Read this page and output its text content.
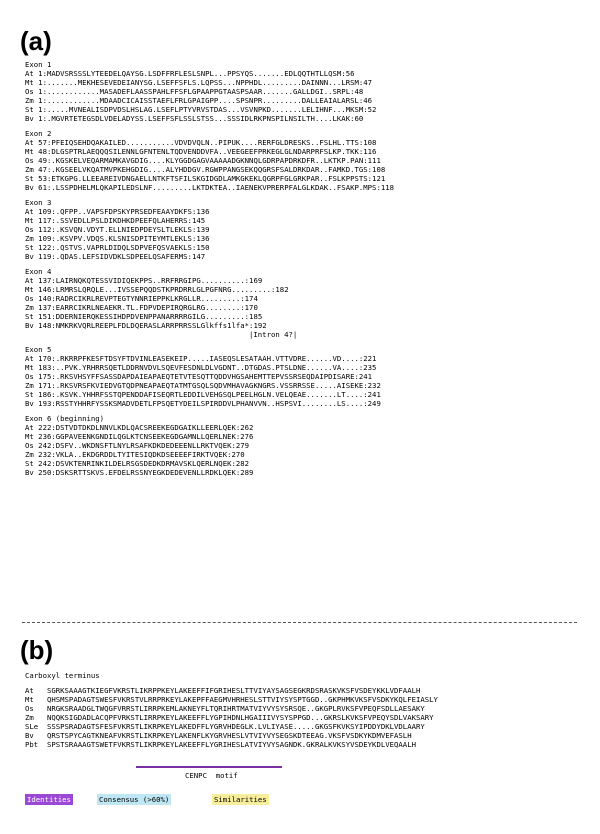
(a)
Exon 1
At 1:MADVSRSSSLYTEEDELQAYSG.LSDFFRFLESLSNPL...PPSYQS.......EDLQQTHTLLQSM:56
Mt 1:.......MEKHESEVEDEIANYSG.LSEFFSFLS.LQPSS...NPPHDL.........DAINNN...LRSM:47
Os 1:............MASADEFLAASSPAHLFFSFLGPAAPPGTAASPSAAR.......GALLDGI..SRPL:48
Zm 1:............MDAADCICAISSTAEFLFRLGPAIGPP....SPSNPR.........DALLEAIALARSL:46
St 1:.....MVNEALISDPVDSLHSLAG.LSEFLPTYVRVSTDAS...VSVNPKD.......LELIHNF...MKSM:52
Bv 1:.MGVRTETEGSDLVDELADYSS.LSEFFSFLSSLSTSS...SSSIDLRKPNSPILNSILTH....LKAK:60
Exon 2
At 57:PFEIQSEHDQAKAILED...........VDVDVQLN..PIPUK....RERFGLDRESKS..FSLHL.TTS:108
Mt 48:DLGSPTRLAEQQQSILENNLGFNTENLTQDVENDDVFA..VEEGEEFPRKEGLGLNDARPRFSLKP.TKK:116
Os 49:.KGSKELVEQARMAMKAVGDIG....KLYGGDGAGVAAAAADGKNNQLGDRPAPDRKDFR..LKTKP.PAN:111
Zm 47:.KGSEELVKQATMVPKEHGDIG....ALYHDDGV.RGWPPANGSEKQQGRSFSALDRKDAR..FAMKD.TGS:108
St 53:ETKGPG.LLEEAREIVDNGAELLNTKFTSFILSKGIDGDLAMKGKEKLQGRPFGLGRKPAR..FSLKPPSTS:121
Bv 61:.LSSPDHELMLQKAPILEDSLNF.........LKTDKTEA..IAENEKVPRERPFALGLKDAK..FSAKP.MPS:118
Exon 3
At 109:.QFPP..VAPSFDPSKYPRSEDFEAAYDKFS:136
Mt 117:.SSVEDLLPSLDIKDHKDPEEFQLAHERRS:145
Os 112:.KSVQN.VDYT.ELLNIEDPDEYSLTLEKLS:139
Zm 109:.KSVPV.VDQS.KLSNISDPITEYMTLEKLS:136
St 122:.QSTVS.VAPRLDIDQLSDPVEFQSVAEKLS:150
Bv 119:.QDAS.LEFSIDVDKLSDPEELQSAFERMS:147
Exon 4
At 137:LAIRNQKQTESSVIDIQEKPPS..RRFRRGIPG..........:169
Mt 146:LRMRSLQRQLE...IVSSEPQQDSTKPRDRRLGLPGFNRG.........:182
Os 140:RADRCIKRLREVPTEGTYNNRIEPPKLKRGLLR.........:174
Zm 137:EARRCIKRLNEAEKR.TL.FDPVDEPIRQRGLRG........:170
St 151:DDERNIERQKESSIHDPDVENPPANARRRRGILG.........:185
Bv 148:NMKRKVQRLREEPLFDLDQERASLARRPRRSSLGlkffs1lfa*:192
|Intron 4?|
Exon 5
At 170:.RKRRPFKESFTDSYFTDVINLEASEKEIP.....IASEQSLESATAAH.VTTVDRE......VD....:221
Mt 183:..PVK.YRHRRSQETLDDRNVDVLSQEVFESDNLDLVGDNT..DTGDAS.PTSLDNE......VA....:235
Os 175:.RKSVHSYFFSASSDAPDAIEAPAEQTETVTESQTTQDDVHGSAHEMTTEPVSSRSEQDAIPDISARE:241
Zm 171:.RKSVRSFKVIEDVGTQDPNEAPAEQTATMTGSQLSQDVMHAVAGKNGRS.VSSRRSSE.....AISEKE:232
St 186:.KSVK.YHHRFSSTQPENDDAFISEQRTLEDDILVEHGSQLPEELHGLN.VELQEAE.......LT....:241
Bv 193:RSSTYHHRFYSSKSMADVDETLFPSQETYDEILSPIRDDVLPHANVVN..HSPSVI........LS....:249
Exon 6 (beginning)
At 222:DSTVDTDKDLNNVLKDLQACSREEKEGDGAIKLLEERLQEK:262
Mt 236:GGPAVEENKGNDILQGLKTCNSEEKEGDGAMNLLQERLNEK:276
Os 242:DSFV..WKDNSFTLNYLRSAFKDKDEDEEENLLRKTVQEK:279
Zm 232:VKLA..EKDGRDDLTYITESIQDKDSEEEEFIRKTVQEK:270
St 242:DSVKTENRINKILDELRSGSDEDKDRMAVSKLQERLNQEK:282
Bv 250:DSKSRTTSKVS.EFDELRSSNYEGKDEDEVENLLRDKLQEK:289
(b)
Carboxyl terminus
At   SGRKSAAAGTKIEGFVKRSTLIKRPPKEYLAKEEFFIFGRIHESLTTVIYAYSAGSEGKRDSRASKVKSFVSDEYKKLVDFAALH
Mt   QHSMSPADAGTSWESFVKRSTVLRRPRKEYLAKEPFFAEGMVHRHESLSTTVIYSYSPTGGD..GKPHMKVKSFVSDKYKQLFEIASLY
Os   NRGKSRAADGLTWQGFVRRSTLIRRPKEMLAKNEYFLTQRIHRTMATVIYVYSYSRSQE..GKGPLRVKSFVPEQFSDLLAESAKY
Zm   NQQKSIGDADLACQPFVRKSTLIRRPKEYLAKEEFFLYGPIHDNLHGAIIIVYSYSPPGD...GKRSLKVKSFVPEQYSDLVAKSARY
SLe  SSSPSRADAGTSFESFVKRSTLIKRPKEYLAKEDFFLYGRVHDEGLK.LVLIYASE.....GKGSFKVKSYIPDDYDKLVDLAARY
Bv   QRSTSPYCAGTKNEAFVKRSTLIKRPKEYLAKENFLKYGRVHESLVTVIYVYSEGSKDTEEAG.VKSFVSDKYKDMVEFASLH
Pbt  SPSTSRAAAGTSWETFVKRSTLIKRPKEYLAKEEFFLYGRIHESLATVIYVYSAGNDK.GKRALKVKSYVSDEYKDLVEQAALH
CENPC  motif
Identities	Consensus (>60%)	Similarities
